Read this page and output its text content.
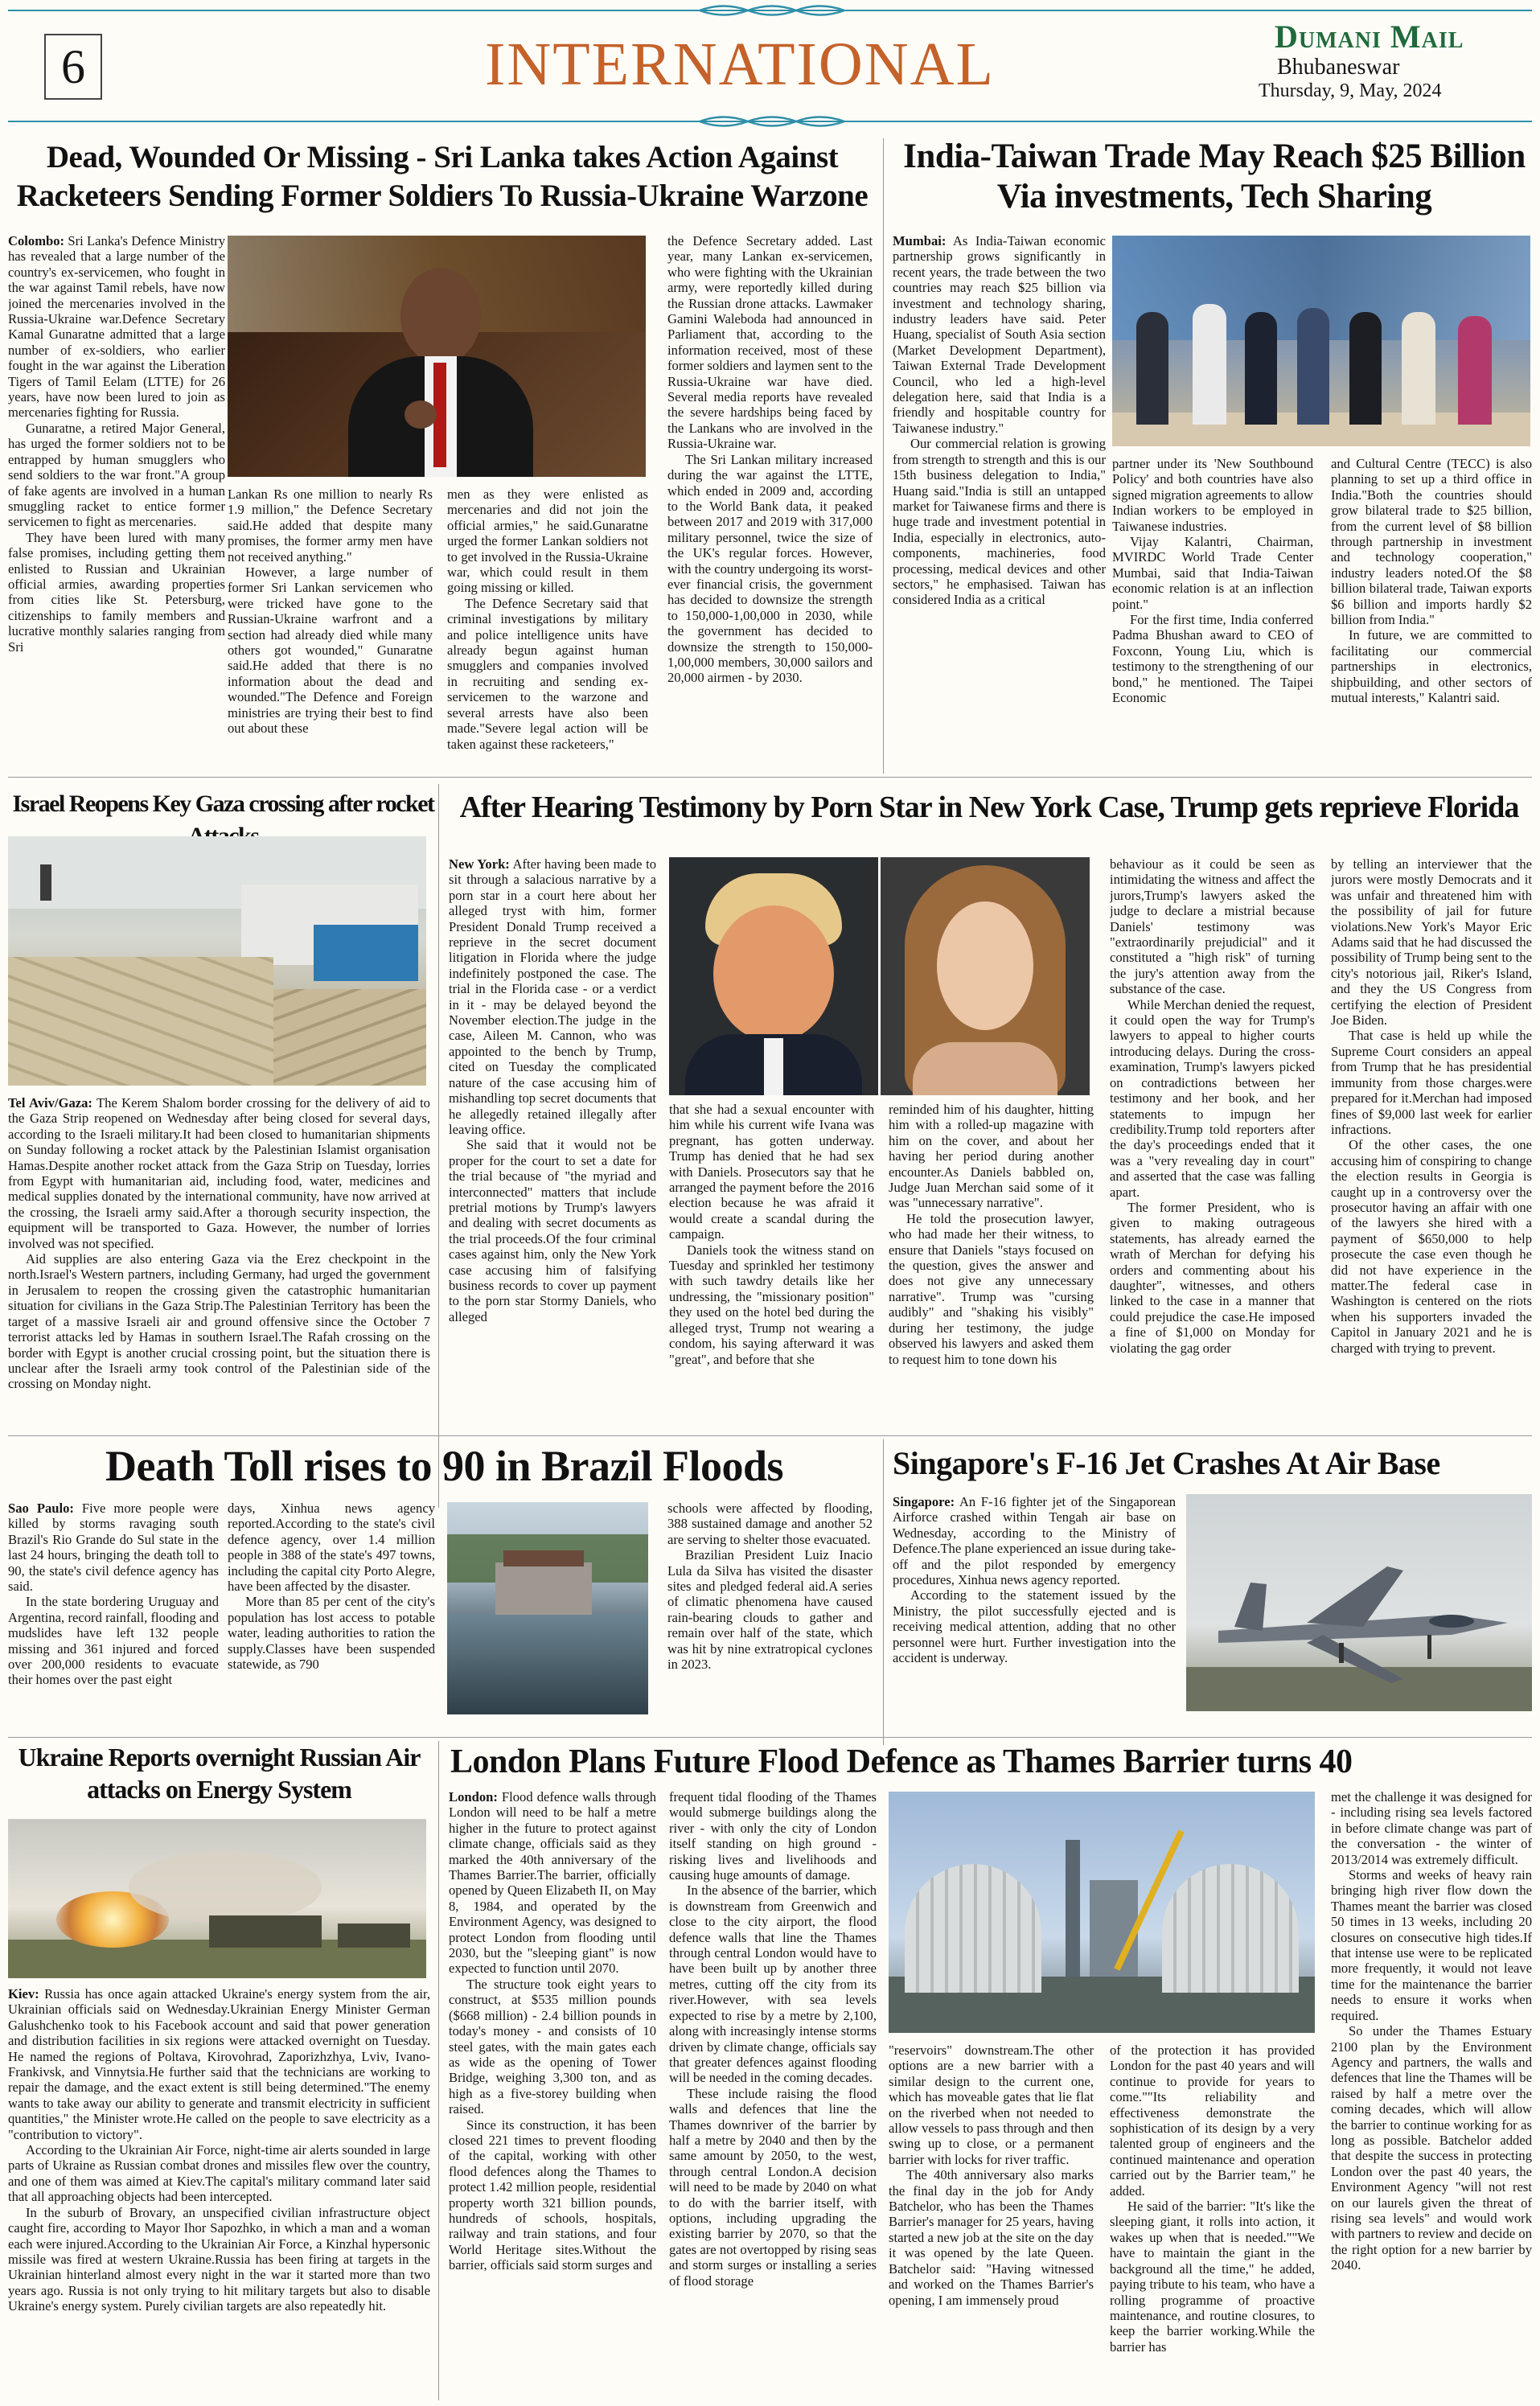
6	INTERNATIONAL	Dumani Mail
Bhubaneswar
Thursday, 9, May, 2024
Dead, Wounded Or Missing - Sri Lanka takes Action Against Racketeers Sending Former Soldiers To Russia-Ukraine Warzone

Colombo: Sri Lanka's Defence Ministry has revealed that a large number of the country's ex-servicemen, who fought in the war against Tamil rebels, have now joined the mercenaries involved in the Russia-Ukraine war.Defence Secretary Kamal Gunaratne admitted that a large number of ex-soldiers, who earlier fought in the war against the Liberation Tigers of Tamil Eelam (LTTE) for 26 years, have now been lured to join as mercenaries fighting for Russia.

Gunaratne, a retired Major General, has urged the former soldiers not to be entrapped by human smugglers who send soldiers to the war front."A group of fake agents are involved in a human smuggling racket to entice former servicemen to fight as mercenaries.

They have been lured with many false promises, including getting them enlisted to Russian and Ukrainian official armies, awarding properties from cities like St. Petersburg, citizenships to family members and lucrative monthly salaries ranging from Sri

Lankan Rs one million to nearly Rs 1.9 million," the Defence Secretary said.He added that despite many promises, the former army men have not received anything."

However, a large number of former Sri Lankan servicemen who were tricked have gone to the Russian-Ukraine warfront and a section had already died while many others got wounded," Gunaratne said.He added that there is no information about the dead and wounded."The Defence and Foreign ministries are trying their best to find out about these

men as they were enlisted as mercenaries and did not join the official armies," he said.Gunaratne urged the former Lankan soldiers not to get involved in the Russia-Ukraine war, which could result in them going missing or killed.

The Defence Secretary said that criminal investigations by military and police intelligence units have already begun against human smugglers and companies involved in recruiting and sending ex-servicemen to the warzone and several arrests have also been made."Severe legal action will be taken against these racketeers,"

the Defence Secretary added. Last year, many Lankan ex-servicemen, who were fighting with the Ukrainian army, were reportedly killed during the Russian drone attacks. Lawmaker Gamini Waleboda had announced in Parliament that, according to the information received, most of these former soldiers and laymen sent to the Russia-Ukraine war have died. Several media reports have revealed the severe hardships being faced by the Lankans who are involved in the Russia-Ukraine war.

The Sri Lankan military increased during the war against the LTTE, which ended in 2009 and, according to the World Bank data, it peaked between 2017 and 2019 with 317,000 military personnel, twice the size of the UK's regular forces. However, with the country undergoing its worst-ever financial crisis, the government has decided to downsize the strength to 150,000-1,00,000 in 2030, while the government has decided to downsize the strength to 150,000-1,00,000 members, 30,000 sailors and 20,000 airmen - by 2030.

India-Taiwan Trade May Reach $25 Billion Via investments, Tech Sharing

Mumbai: As India-Taiwan economic partnership grows significantly in recent years, the trade between the two countries may reach $25 billion via investment and technology sharing, industry leaders have said. Peter Huang, specialist of South Asia section (Market Development Department), Taiwan External Trade Development Council, who led a high-level delegation here, said that India is a friendly and hospitable country for Taiwanese industry."

Our commercial relation is growing from strength to strength and this is our 15th business delegation to India," Huang said."India is still an untapped market for Taiwanese firms and there is huge trade and investment potential in India, especially in electronics, auto-components, machineries, food processing, medical devices and other sectors," he emphasised. Taiwan has considered India as a critical

partner under its 'New Southbound Policy' and both countries have also signed migration agreements to allow Indian workers to be employed in Taiwanese industries.

Vijay Kalantri, Chairman, MVIRDC World Trade Center Mumbai, said that India-Taiwan economic relation is at an inflection point."

For the first time, India conferred Padma Bhushan award to CEO of Foxconn, Young Liu, which is testimony to the strengthening of our bond," he mentioned. The Taipei Economic

and Cultural Centre (TECC) is also planning to set up a third office in India."Both the countries should grow bilateral trade to $25 billion, from the current level of $8 billion through partnership in investment and technology cooperation," industry leaders noted.Of the $8 billion bilateral trade, Taiwan exports $6 billion and imports hardly $2 billion from India."

In future, we are committed to facilitating our commercial partnerships in electronics, shipbuilding, and other sectors of mutual interests," Kalantri said.

Israel Reopens Key Gaza crossing after rocket

Tel Aviv/Gaza: The Kerem Shalom border crossing for the delivery of aid to the Gaza Strip reopened on Wednesday after being closed for several days, according to the Israeli military.It had been closed to humanitarian shipments on Sunday following a rocket attack by the Palestinian Islamist organisation Hamas.Despite another rocket attack from the Gaza Strip on Tuesday, lorries from Egypt with humanitarian aid, including food, water, medicines and medical supplies donated by the international community, have now arrived at the crossing, the Israeli army said.After a thorough security inspection, the equipment will be transported to Gaza. However, the number of lorries involved was not specified.

Aid supplies are also entering Gaza via the Erez checkpoint in the north.Israel's Western partners, including Germany, had urged the government in Jerusalem to reopen the crossing given the catastrophic humanitarian situation for civilians in the Gaza Strip.The Palestinian Territory has been the target of a massive Israeli air and ground offensive since the October 7 terrorist attacks led by Hamas in southern Israel.The Rafah crossing on the border with Egypt is another crucial crossing point, but the situation there is unclear after the Israeli army took control of the Palestinian side of the crossing on Monday night.

After Hearing Testimony by Porn Star in New York Case, Trump gets reprieve Florida

New York: After having been made to sit through a salacious narrative by a porn star in a court here about her alleged tryst with him, former President Donald Trump received a reprieve in the secret document litigation in Florida where the judge indefinitely postponed the case. The trial in the Florida case - or a verdict in it - may be delayed beyond the November election.The judge in the case, Aileen M. Cannon, who was appointed to the bench by Trump, cited on Tuesday the complicated nature of the case accusing him of mishandling top secret documents that he allegedly retained illegally after leaving office.

She said that it would not be proper for the court to set a date for the trial because of "the myriad and interconnected" matters that include pretrial motions by Trump's lawyers and dealing with secret documents as the trial proceeds.Of the four criminal cases against him, only the New York case accusing him of falsifying business records to cover up payment to the porn star Stormy Daniels, who alleged

that she had a sexual encounter with him while his current wife Ivana was pregnant, has gotten underway. Trump has denied that he had sex with Daniels. Prosecutors say that he arranged the payment before the 2016 election because he was afraid it would create a scandal during the campaign.

Daniels took the witness stand on Tuesday and sprinkled her testimony with such tawdry details like her undressing, the "missionary position" they used on the hotel bed during the alleged tryst, Trump not wearing a condom, his saying afterward it was "great", and before that she

reminded him of his daughter, hitting him with a rolled-up magazine with him on the cover, and about her having her period during another encounter.As Daniels babbled on, Judge Juan Merchan said some of it was "unnecessary narrative".

He told the prosecution lawyer, who had made her their witness, to ensure that Daniels "stays focused on the question, gives the answer and does not give any unnecessary narrative". Trump was "cursing audibly" and "shaking his visibly" during her testimony, the judge observed his lawyers and asked them to request him to tone down his

behaviour as it could be seen as intimidating the witness and affect the jurors,Trump's lawyers asked the judge to declare a mistrial because Daniels' testimony was "extraordinarily prejudicial" and it constituted a "high risk" of turning the jury's attention away from the substance of the case.

While Merchan denied the request, it could open the way for Trump's lawyers to appeal to higher courts introducing delays. During the cross-examination, Trump's lawyers picked on contradictions between her testimony and her book, and her statements to impugn her credibility.Trump told reporters after the day's proceedings ended that it was a "very revealing day in court" and asserted that the case was falling apart.

The former President, who is given to making outrageous statements, has already earned the wrath of Merchan for defying his orders and commenting about his daughter", witnesses, and others linked to the case in a manner that could prejudice the case.He imposed a fine of $1,000 on Monday for violating the gag order

by telling an interviewer that the jurors were mostly Democrats and it was unfair and threatened him with the possibility of jail for future violations.New York's Mayor Eric Adams said that he had discussed the possibility of Trump being sent to the city's notorious jail, Riker's Island, and they the US Congress from certifying the election of President Joe Biden.

That case is held up while the Supreme Court considers an appeal from Trump that he has presidential immunity from those charges.were prepared for it.Merchan had imposed fines of $9,000 last week for earlier infractions.

Of the other cases, the one accusing him of conspiring to change the election results in Georgia is caught up in a controversy over the prosecutor having an affair with one of the lawyers she hired with a payment of $650,000 to help prosecute the case even though he did not have experience in the matter.The federal case in Washington is centered on the riots when his supporters invaded the Capitol in January 2021 and he is charged with trying to prevent.

Death Toll rises to 90 in Brazil Floods

Sao Paulo: Five more people were killed by storms ravaging south Brazil's Rio Grande do Sul state in the last 24 hours, bringing the death toll to 90, the state's civil defence agency has said.

In the state bordering Uruguay and Argentina, record rainfall, flooding and mudslides have left 132 people missing and 361 injured and forced over 200,000 residents to evacuate their homes over the past eight

days, Xinhua news agency reported.According to the state's civil defence agency, over 1.4 million people in 388 of the state's 497 towns, including the capital city Porto Alegre, have been affected by the disaster.

More than 85 per cent of the city's population has lost access to potable water, leading authorities to ration the supply.Classes have been suspended statewide, as 790

schools were affected by flooding, 388 sustained damage and another 52 are serving to shelter those evacuated.

Brazilian President Luiz Inacio Lula da Silva has visited the disaster sites and pledged federal aid.A series of climatic phenomena have caused rain-bearing clouds to gather and remain over half of the state, which was hit by nine extratropical cyclones in 2023.

Singapore's F-16 Jet Crashes At Air Base

Singapore: An F-16 fighter jet of the Singaporean Airforce crashed within Tengah air base on Wednesday, according to the Ministry of Defence.The plane experienced an issue during take-off and the pilot responded by emergency procedures, Xinhua news agency reported.

According to the statement issued by the Ministry, the pilot successfully ejected and is receiving medical attention, adding that no other personnel were hurt. Further investigation into the accident is underway.

Ukraine Reports overnight Russian Air attacks on Energy System

Kiev: Russia has once again attacked Ukraine's energy system from the air, Ukrainian officials said on Wednesday.Ukrainian Energy Minister German Galushchenko took to his Facebook account and said that power generation and distribution facilities in six regions were attacked overnight on Tuesday. He named the regions of Poltava, Kirovohrad, Zaporizhzhya, Lviv, Ivano-Frankivsk, and Vinnytsia.He further said that the technicians are working to repair the damage, and the exact extent is still being determined."The enemy wants to take away our ability to generate and transmit electricity in sufficient quantities," the Minister wrote.He called on the people to save electricity as a "contribution to victory".

According to the Ukrainian Air Force, night-time air alerts sounded in large parts of Ukraine as Russian combat drones and missiles flew over the country, and one of them was aimed at Kiev.The capital's military command later said that all approaching objects had been intercepted.

In the suburb of Brovary, an unspecified civilian infrastructure object caught fire, according to Mayor Ihor Sapozhko, in which a man and a woman each were injured.According to the Ukrainian Air Force, a Kinzhal hypersonic missile was fired at western Ukraine.Russia has been firing at targets in the Ukrainian hinterland almost every night in the war it started more than two years ago. Russia is not only trying to hit military targets but also to disable Ukraine's energy system. Purely civilian targets are also repeatedly hit.

London Plans Future Flood Defence as Thames Barrier turns 40

London: Flood defence walls through London will need to be half a metre higher in the future to protect against climate change, officials said as they marked the 40th anniversary of the Thames Barrier.The barrier, officially opened by Queen Elizabeth II, on May 8, 1984, and operated by the Environment Agency, was designed to protect London from flooding until 2030, but the "sleeping giant" is now expected to function until 2070.

The structure took eight years to construct, at $535 million pounds ($668 million) - 2.4 billion pounds in today's money - and consists of 10 steel gates, with the main gates each as wide as the opening of Tower Bridge, weighing 3,300 ton, and as high as a five-storey building when raised.

Since its construction, it has been closed 221 times to prevent flooding of the capital, working with other flood defences along the Thames to protect 1.42 million people, residential property worth 321 billion pounds, hundreds of schools, hospitals, railway and train stations, and four World Heritage sites.Without the barrier, officials said storm surges and

frequent tidal flooding of the Thames would submerge buildings along the river - with only the city of London itself standing on high ground - risking lives and livelihoods and causing huge amounts of damage.

In the absence of the barrier, which is downstream from Greenwich and close to the city airport, the flood defence walls that line the Thames through central London would have to have been built up by another three metres, cutting off the city from its river.However, with sea levels expected to rise by a metre by 2,100, along with increasingly intense storms driven by climate change, officials say that greater defences against flooding will be needed in the coming decades.

These include raising the flood walls and defences that line the Thames downriver of the barrier by half a metre by 2040 and then by the same amount by 2050, to the west, through central London.A decision will need to be made by 2040 on what to do with the barrier itself, with options, including upgrading the existing barrier by 2070, so that the gates are not overtopped by rising seas and storm surges or installing a series of flood storage

"reservoirs" downstream.The other options are a new barrier with a similar design to the current one, which has moveable gates that lie flat on the riverbed when not needed to allow vessels to pass through and then swing up to close, or a permanent barrier with locks for river traffic.

The 40th anniversary also marks the final day in the job for Andy Batchelor, who has been the Thames Barrier's manager for 25 years, having started a new job at the site on the day it was opened by the late Queen. Batchelor said: "Having witnessed and worked on the Thames Barrier's opening, I am immensely proud

of the protection it has provided London for the past 40 years and will continue to provide for years to come.""Its reliability and effectiveness demonstrate the sophistication of its design by a very talented group of engineers and the continued maintenance and operation carried out by the Barrier team," he added.

He said of the barrier: "It's like the sleeping giant, it rolls into action, it wakes up when that is needed.""We have to maintain the giant in the background all the time," he added, paying tribute to his team, who have a rolling programme of proactive maintenance, and routine closures, to keep the barrier working.While the barrier has

met the challenge it was designed for - including rising sea levels factored in before climate change was part of the conversation - the winter of 2013/2014 was extremely difficult.

Storms and weeks of heavy rain bringing high river flow down the Thames meant the barrier was closed 50 times in 13 weeks, including 20 closures on consecutive high tides.If that intense use were to be replicated more frequently, it would not leave time for the maintenance the barrier needs to ensure it works when required.

So under the Thames Estuary 2100 plan by the Environment Agency and partners, the walls and defences that line the Thames will be raised by half a metre over the coming decades, which will allow the barrier to continue working for as long as possible. Batchelor added that despite the success in protecting London over the past 40 years, the Environment Agency "will not rest on our laurels given the threat of rising sea levels" and would work with partners to review and decide on the right option for a new barrier by 2040.
